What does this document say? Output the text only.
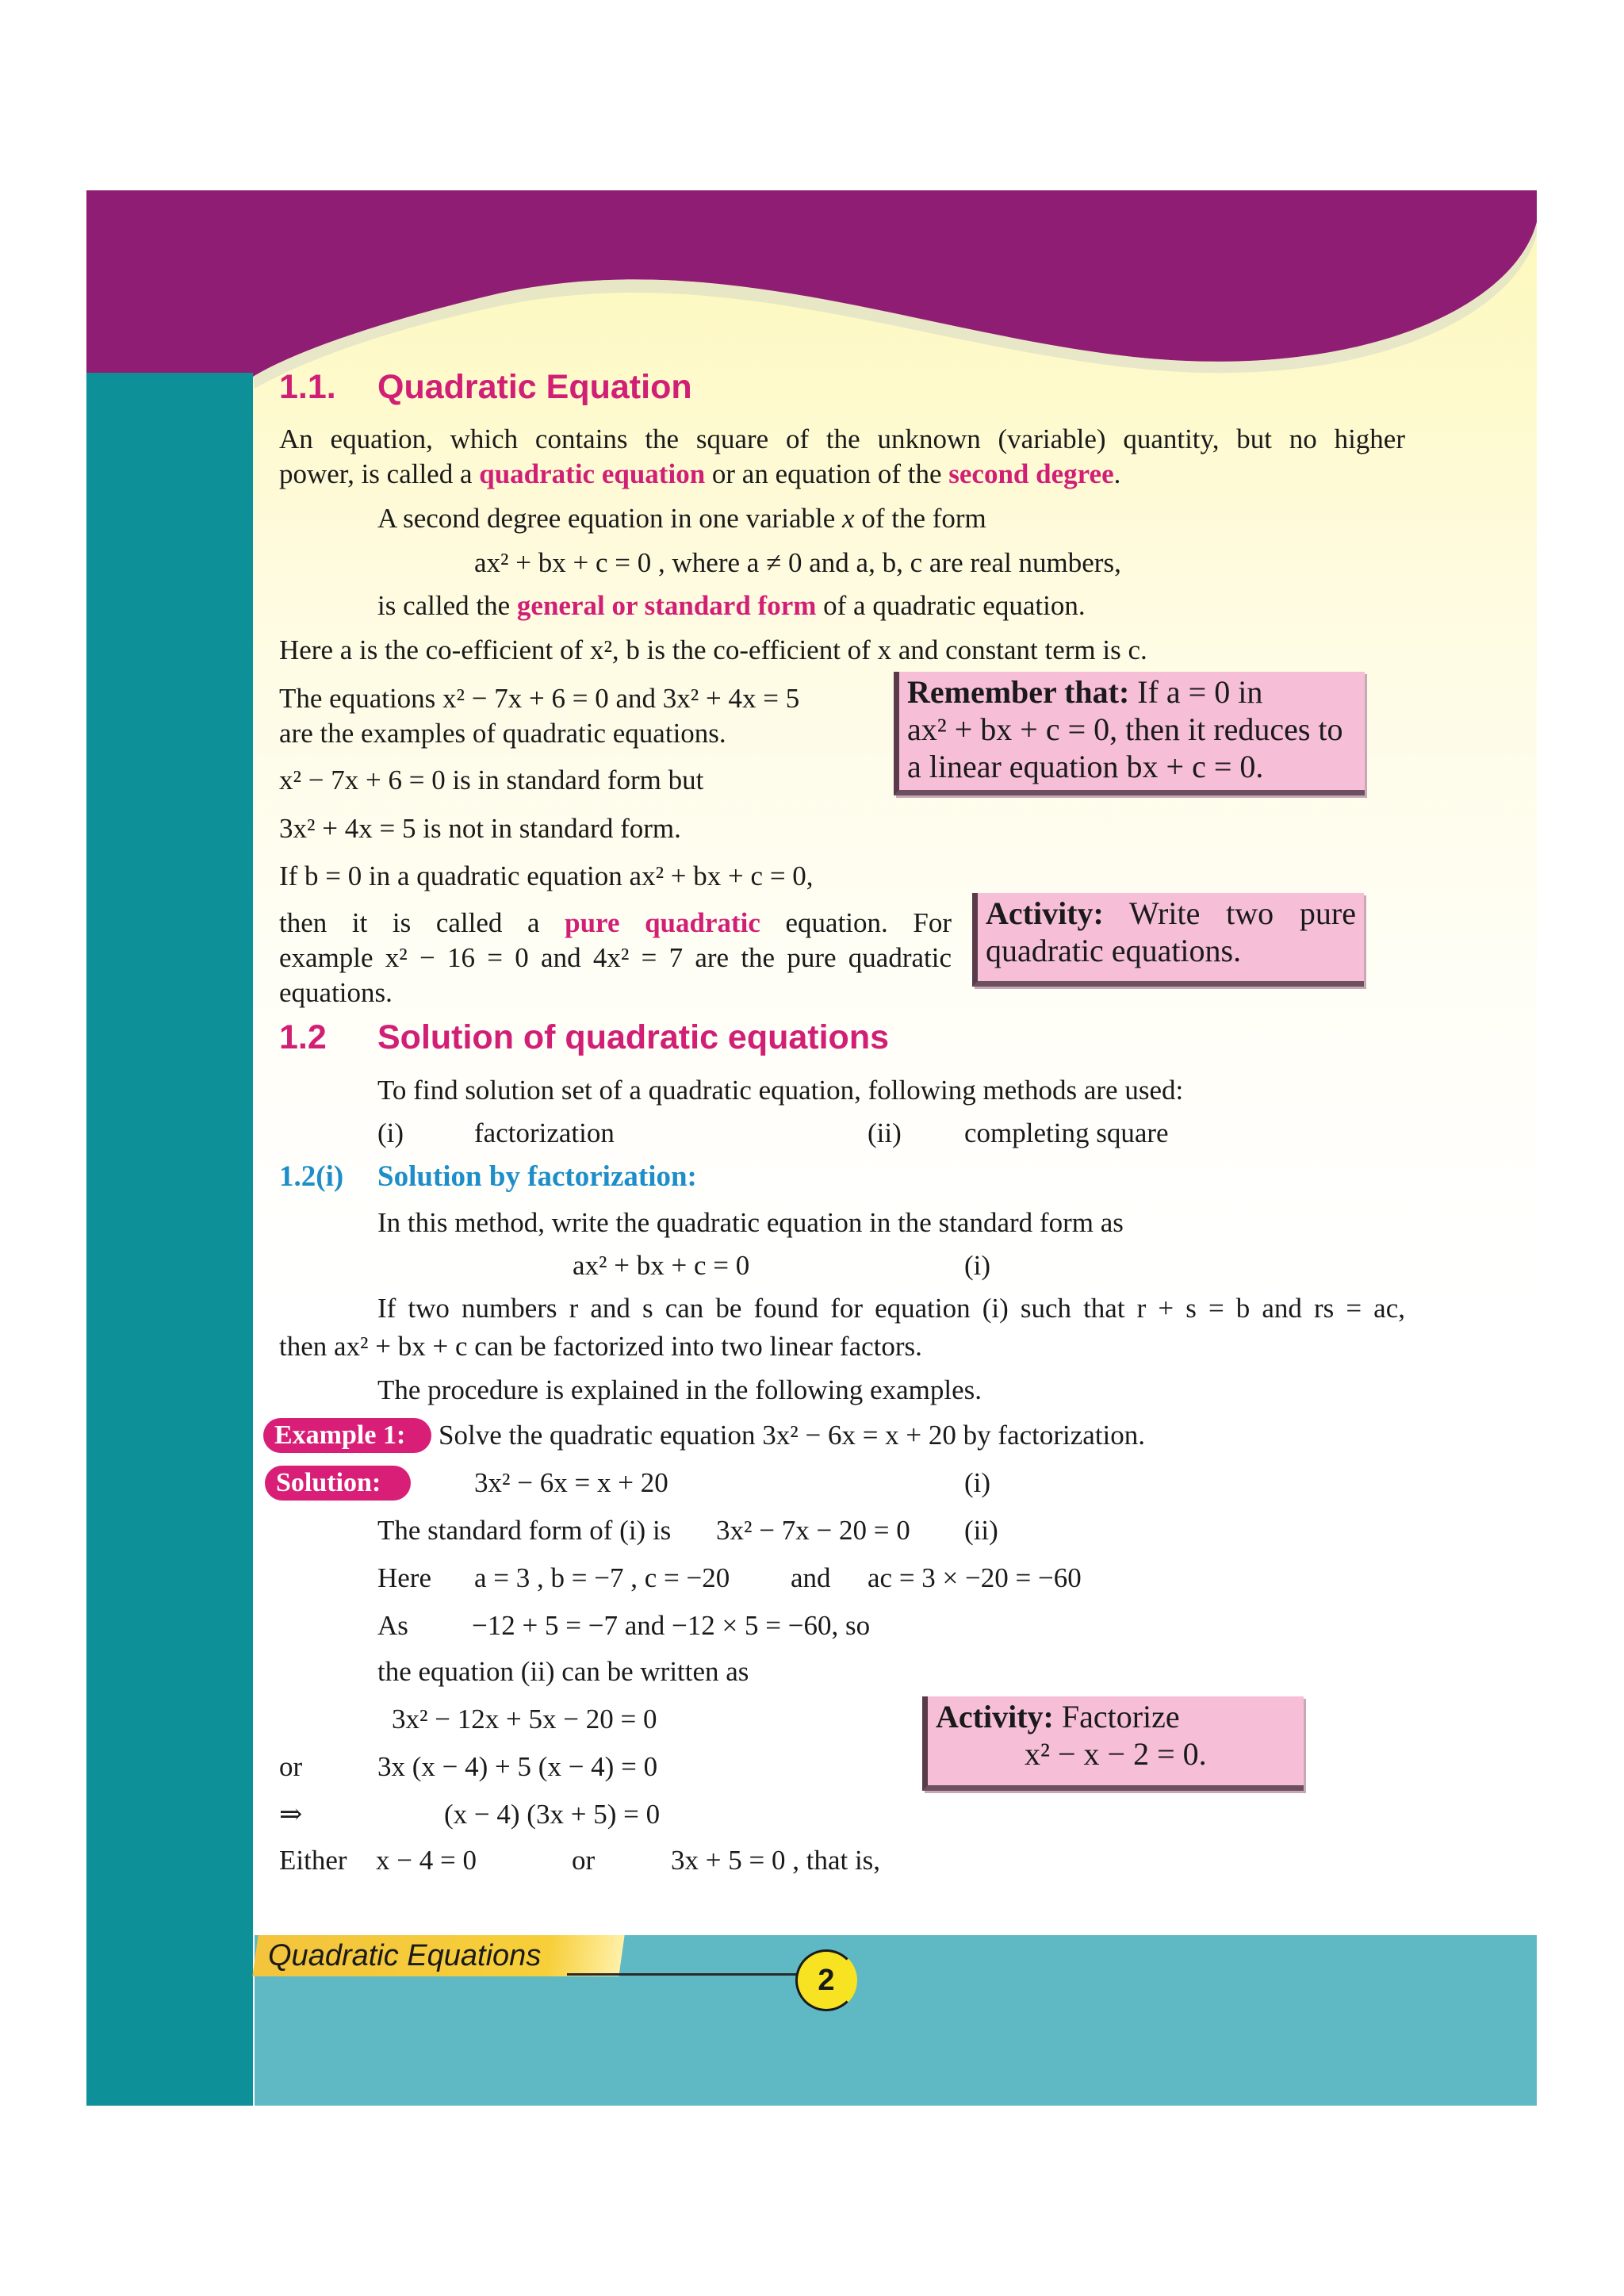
1.1. Quadratic Equation
An equation, which contains the square of the unknown (variable) quantity, but no higher
power, is called a quadratic equation or an equation of the second degree.
A second degree equation in one variable x of the form
ax² + bx + c = 0 , where a ≠ 0 and a, b, c are real numbers,
is called the general or standard form of a quadratic equation.
Here a is the co-efficient of x², b is the co-efficient of x and constant term is c.
The equations x² − 7x + 6 = 0 and 3x² + 4x = 5
are the examples of quadratic equations.
x² − 7x + 6 = 0 is in standard form but
3x² + 4x = 5 is not in standard form.
If b = 0 in a quadratic equation ax² + bx + c = 0,
then it is called a pure quadratic equation. For
example x² − 16 = 0 and 4x² = 7 are the pure quadratic
equations.
Remember that: If a = 0 in
ax² + bx + c = 0, then it reduces to
a linear equation bx + c = 0.
Activity: Write two pure
quadratic equations.
1.2 Solution of quadratic equations
To find solution set of a quadratic equation, following methods are used:
(i)	factorization	(ii) completing square
1.2(i) Solution by factorization:
In this method, write the quadratic equation in the standard form as
ax² + bx + c = 0	(i)
If two numbers r and s can be found for equation (i) such that r + s = b and rs = ac,
then ax² + bx + c can be factorized into two linear factors.
The procedure is explained in the following examples.
Example 1:	Solve the quadratic equation 3x² − 6x = x + 20 by factorization.
Solution:	3x² − 6x = x + 20	(i)
The standard form of (i) is 3x² − 7x − 20 = 0 (ii)
Here a = 3 , b = −7 , c = −20 and ac = 3 × −20 = −60
As −12 + 5 = −7 and −12 × 5 = −60, so
the equation (ii) can be written as
3x² − 12x + 5x − 20 = 0
or	3x (x − 4) + 5 (x − 4) = 0
⇒	(x − 4) (3x + 5) = 0
Either x − 4 = 0	or	3x + 5 = 0 , that is,
Activity: Factorize
x² − x − 2 = 0.
Quadratic Equations
2
